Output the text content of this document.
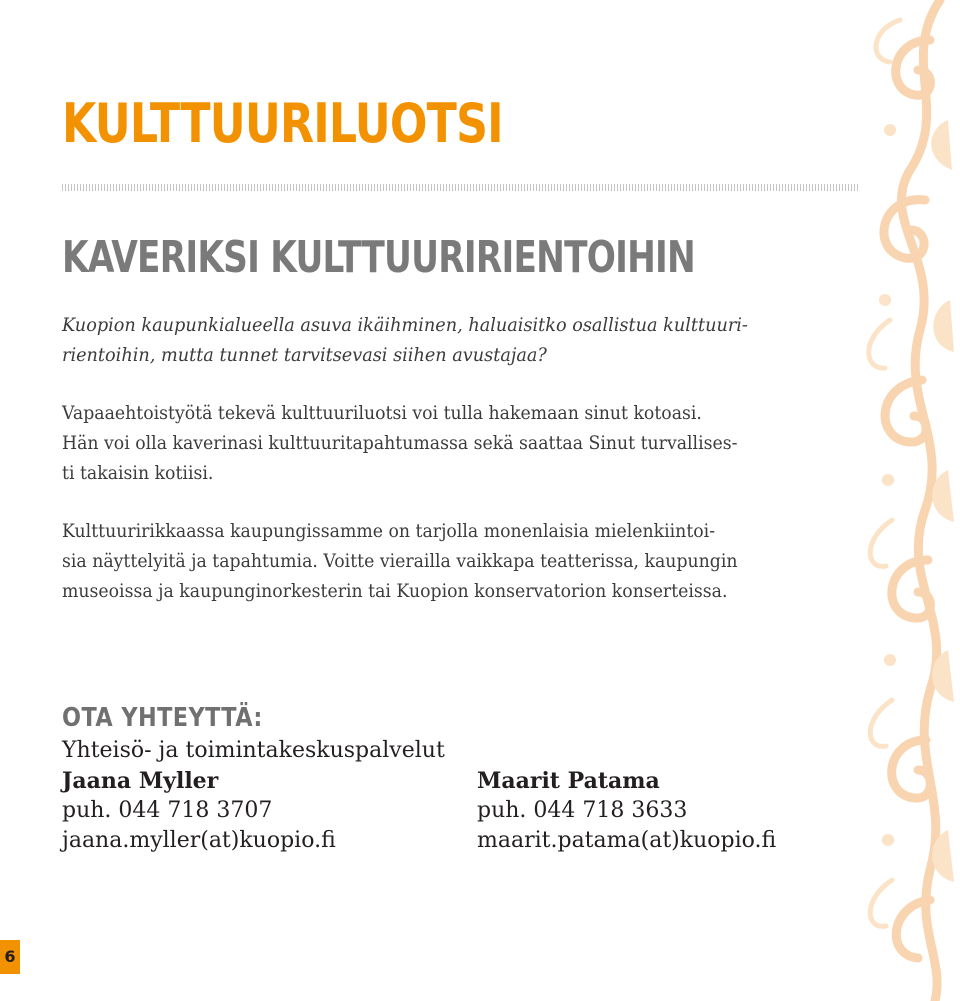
KULTTUURILUOTSI
KAVERIKSI KULTTUURIRIENTOIHIN

Kuopion kaupunkialueella asuva ikäihminen, haluaisitko osallistua kulttuuri-
rientoihin, mutta tunnet tarvitsevasi siihen avustajaa?

Vapaaehtoistyötä tekevä kulttuuriluotsi voi tulla hakemaan sinut kotoasi.
Hän voi olla kaverinasi kulttuuritapahtumassa sekä saattaa Sinut turvallises-
ti takaisin kotiisi.

Kulttuuririkkaassa kaupungissamme on tarjolla monenlaisia mielenkiintoi-
sia näyttelyitä ja tapahtumia. Voitte vierailla vaikkapa teatterissa, kaupungin
museoissa ja kaupunginorkesterin tai Kuopion konservatorion konserteissa.

OTA YHTEYTTÄ:
Yhteisö- ja toimintakeskuspalvelut
Jaana Myller
puh. 044 718 3707
jaana.myller(at)kuopio.fi
Maarit Patama
puh. 044 718 3633
maarit.patama(at)kuopio.fi
6
